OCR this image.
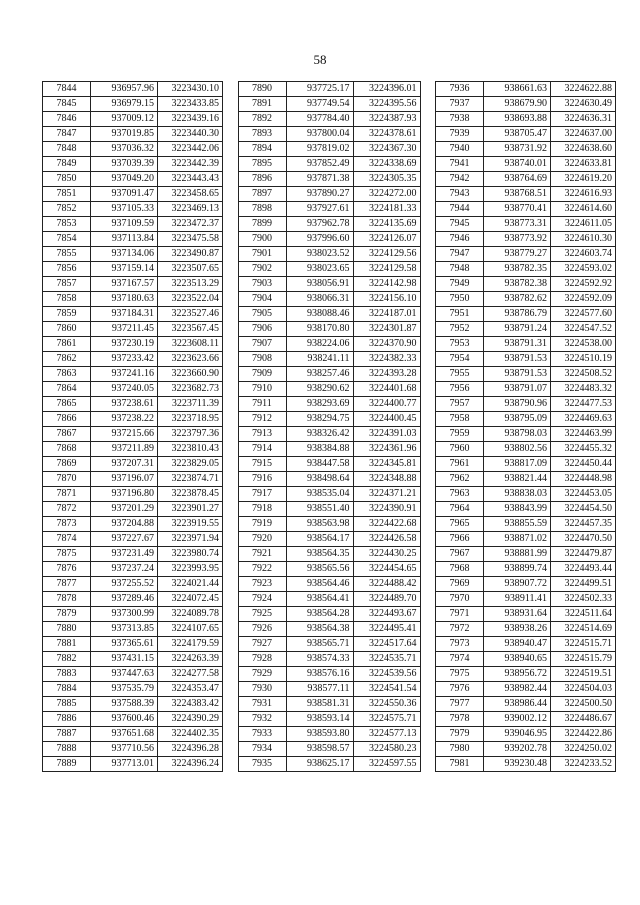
58
7844	936957.96	3223430.10
7845	936979.15	3223433.85
7846	937009.12	3223439.16
7847	937019.85	3223440.30
7848	937036.32	3223442.06
7849	937039.39	3223442.39
7850	937049.20	3223443.43
7851	937091.47	3223458.65
7852	937105.33	3223469.13
7853	937109.59	3223472.37
7854	937113.84	3223475.58
7855	937134.06	3223490.87
7856	937159.14	3223507.65
7857	937167.57	3223513.29
7858	937180.63	3223522.04
7859	937184.31	3223527.46
7860	937211.45	3223567.45
7861	937230.19	3223608.11
7862	937233.42	3223623.66
7863	937241.16	3223660.90
7864	937240.05	3223682.73
7865	937238.61	3223711.39
7866	937238.22	3223718.95
7867	937215.66	3223797.36
7868	937211.89	3223810.43
7869	937207.31	3223829.05
7870	937196.07	3223874.71
7871	937196.80	3223878.45
7872	937201.29	3223901.27
7873	937204.88	3223919.55
7874	937227.67	3223971.94
7875	937231.49	3223980.74
7876	937237.24	3223993.95
7877	937255.52	3224021.44
7878	937289.46	3224072.45
7879	937300.99	3224089.78
7880	937313.85	3224107.65
7881	937365.61	3224179.59
7882	937431.15	3224263.39
7883	937447.63	3224277.58
7884	937535.79	3224353.47
7885	937588.39	3224383.42
7886	937600.46	3224390.29
7887	937651.68	3224402.35
7888	937710.56	3224396.28
7889	937713.01	3224396.24
7890	937725.17	3224396.01
7891	937749.54	3224395.56
7892	937784.40	3224387.93
7893	937800.04	3224378.61
7894	937819.02	3224367.30
7895	937852.49	3224338.69
7896	937871.38	3224305.35
7897	937890.27	3224272.00
7898	937927.61	3224181.33
7899	937962.78	3224135.69
7900	937996.60	3224126.07
7901	938023.52	3224129.56
7902	938023.65	3224129.58
7903	938056.91	3224142.98
7904	938066.31	3224156.10
7905	938088.46	3224187.01
7906	938170.80	3224301.87
7907	938224.06	3224370.90
7908	938241.11	3224382.33
7909	938257.46	3224393.28
7910	938290.62	3224401.68
7911	938293.69	3224400.77
7912	938294.75	3224400.45
7913	938326.42	3224391.03
7914	938384.88	3224361.96
7915	938447.58	3224345.81
7916	938498.64	3224348.88
7917	938535.04	3224371.21
7918	938551.40	3224390.91
7919	938563.98	3224422.68
7920	938564.17	3224426.58
7921	938564.35	3224430.25
7922	938565.56	3224454.65
7923	938564.46	3224488.42
7924	938564.41	3224489.70
7925	938564.28	3224493.67
7926	938564.38	3224495.41
7927	938565.71	3224517.64
7928	938574.33	3224535.71
7929	938576.16	3224539.56
7930	938577.11	3224541.54
7931	938581.31	3224550.36
7932	938593.14	3224575.71
7933	938593.80	3224577.13
7934	938598.57	3224580.23
7935	938625.17	3224597.55
7936	938661.63	3224622.88
7937	938679.90	3224630.49
7938	938693.88	3224636.31
7939	938705.47	3224637.00
7940	938731.92	3224638.60
7941	938740.01	3224633.81
7942	938764.69	3224619.20
7943	938768.51	3224616.93
7944	938770.41	3224614.60
7945	938773.31	3224611.05
7946	938773.92	3224610.30
7947	938779.27	3224603.74
7948	938782.35	3224593.02
7949	938782.38	3224592.92
7950	938782.62	3224592.09
7951	938786.79	3224577.60
7952	938791.24	3224547.52
7953	938791.31	3224538.00
7954	938791.53	3224510.19
7955	938791.53	3224508.52
7956	938791.07	3224483.32
7957	938790.96	3224477.53
7958	938795.09	3224469.63
7959	938798.03	3224463.99
7960	938802.56	3224455.32
7961	938817.09	3224450.44
7962	938821.44	3224448.98
7963	938838.03	3224453.05
7964	938843.99	3224454.50
7965	938855.59	3224457.35
7966	938871.02	3224470.50
7967	938881.99	3224479.87
7968	938899.74	3224493.44
7969	938907.72	3224499.51
7970	938911.41	3224502.33
7971	938931.64	3224511.64
7972	938938.26	3224514.69
7973	938940.47	3224515.71
7974	938940.65	3224515.79
7975	938956.72	3224519.51
7976	938982.44	3224504.03
7977	938986.44	3224500.50
7978	939002.12	3224486.67
7979	939046.95	3224422.86
7980	939202.78	3224250.02
7981	939230.48	3224233.52
